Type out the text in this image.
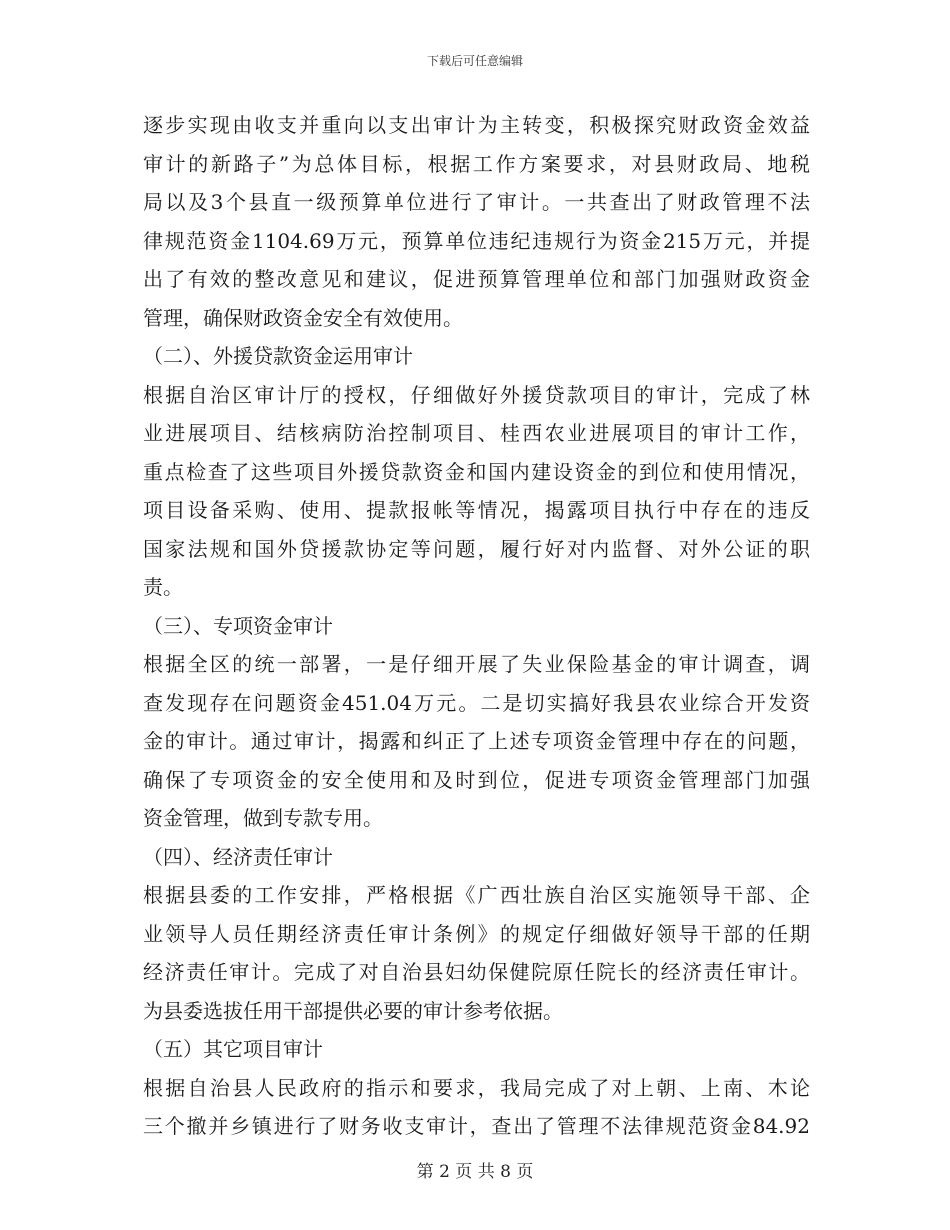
下载后可任意编辑
逐步实现由收支并重向以支出审计为主转变，积极探究财政资金效益
审计的新路子”为总体目标，根据工作方案要求，对县财政局、地税
局以及3个县直一级预算单位进行了审计。一共查出了财政管理不法
律规范资金1104.69万元，预算单位违纪违规行为资金215万元，并提
出了有效的整改意见和建议，促进预算管理单位和部门加强财政资金
管理，确保财政资金安全有效使用。
（二）、外援贷款资金运用审计
根据自治区审计厅的授权，仔细做好外援贷款项目的审计，完成了林
业进展项目、结核病防治控制项目、桂西农业进展项目的审计工作，
重点检查了这些项目外援贷款资金和国内建设资金的到位和使用情况，
项目设备采购、使用、提款报帐等情况，揭露项目执行中存在的违反
国家法规和国外贷援款协定等问题，履行好对内监督、对外公证的职
责。
（三）、专项资金审计
根据全区的统一部署，一是仔细开展了失业保险基金的审计调查，调
查发现存在问题资金451.04万元。二是切实搞好我县农业综合开发资
金的审计。通过审计，揭露和纠正了上述专项资金管理中存在的问题，
确保了专项资金的安全使用和及时到位，促进专项资金管理部门加强
资金管理，做到专款专用。
（四）、经济责任审计
根据县委的工作安排，严格根据《广西壮族自治区实施领导干部、企
业领导人员任期经济责任审计条例》的规定仔细做好领导干部的任期
经济责任审计。完成了对自治县妇幼保健院原任院长的经济责任审计。
为县委选拔任用干部提供必要的审计参考依据。
（五）其它项目审计
根据自治县人民政府的指示和要求，我局完成了对上朝、上南、木论
三个撤并乡镇进行了财务收支审计，查出了管理不法律规范资金84.92
第 2 页 共 8 页
